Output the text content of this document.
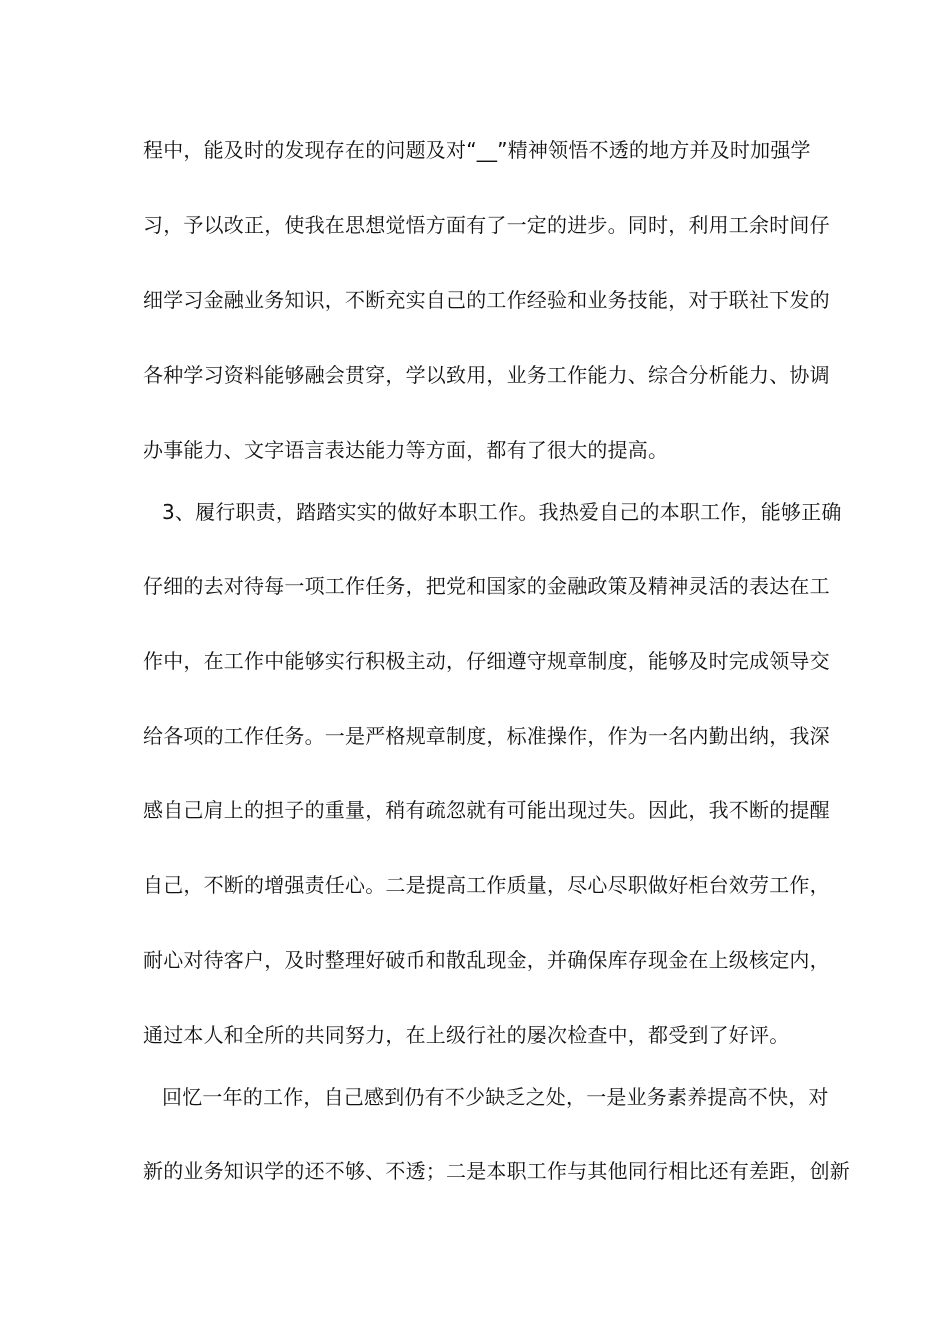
程中，能及时的发现存在的问题及对“__”精神领悟不透的地方并及时加强学
习，予以改正，使我在思想觉悟方面有了一定的进步。同时，利用工余时间仔
细学习金融业务知识，不断充实自己的工作经验和业务技能，对于联社下发的
各种学习资料能够融会贯穿，学以致用，业务工作能力、综合分析能力、协调
办事能力、文字语言表达能力等方面，都有了很大的提高。
3、履行职责，踏踏实实的做好本职工作。我热爱自己的本职工作，能够正确
仔细的去对待每一项工作任务，把党和国家的金融政策及精神灵活的表达在工
作中，在工作中能够实行积极主动，仔细遵守规章制度，能够及时完成领导交
给各项的工作任务。一是严格规章制度，标准操作，作为一名内勤出纳，我深
感自己肩上的担子的重量，稍有疏忽就有可能出现过失。因此，我不断的提醒
自己，不断的增强责任心。二是提高工作质量，尽心尽职做好柜台效劳工作，
耐心对待客户，及时整理好破币和散乱现金，并确保库存现金在上级核定内，
通过本人和全所的共同努力，在上级行社的屡次检查中，都受到了好评。
回忆一年的工作，自己感到仍有不少缺乏之处，一是业务素养提高不快，对
新的业务知识学的还不够、不透；二是本职工作与其他同行相比还有差距，创新
